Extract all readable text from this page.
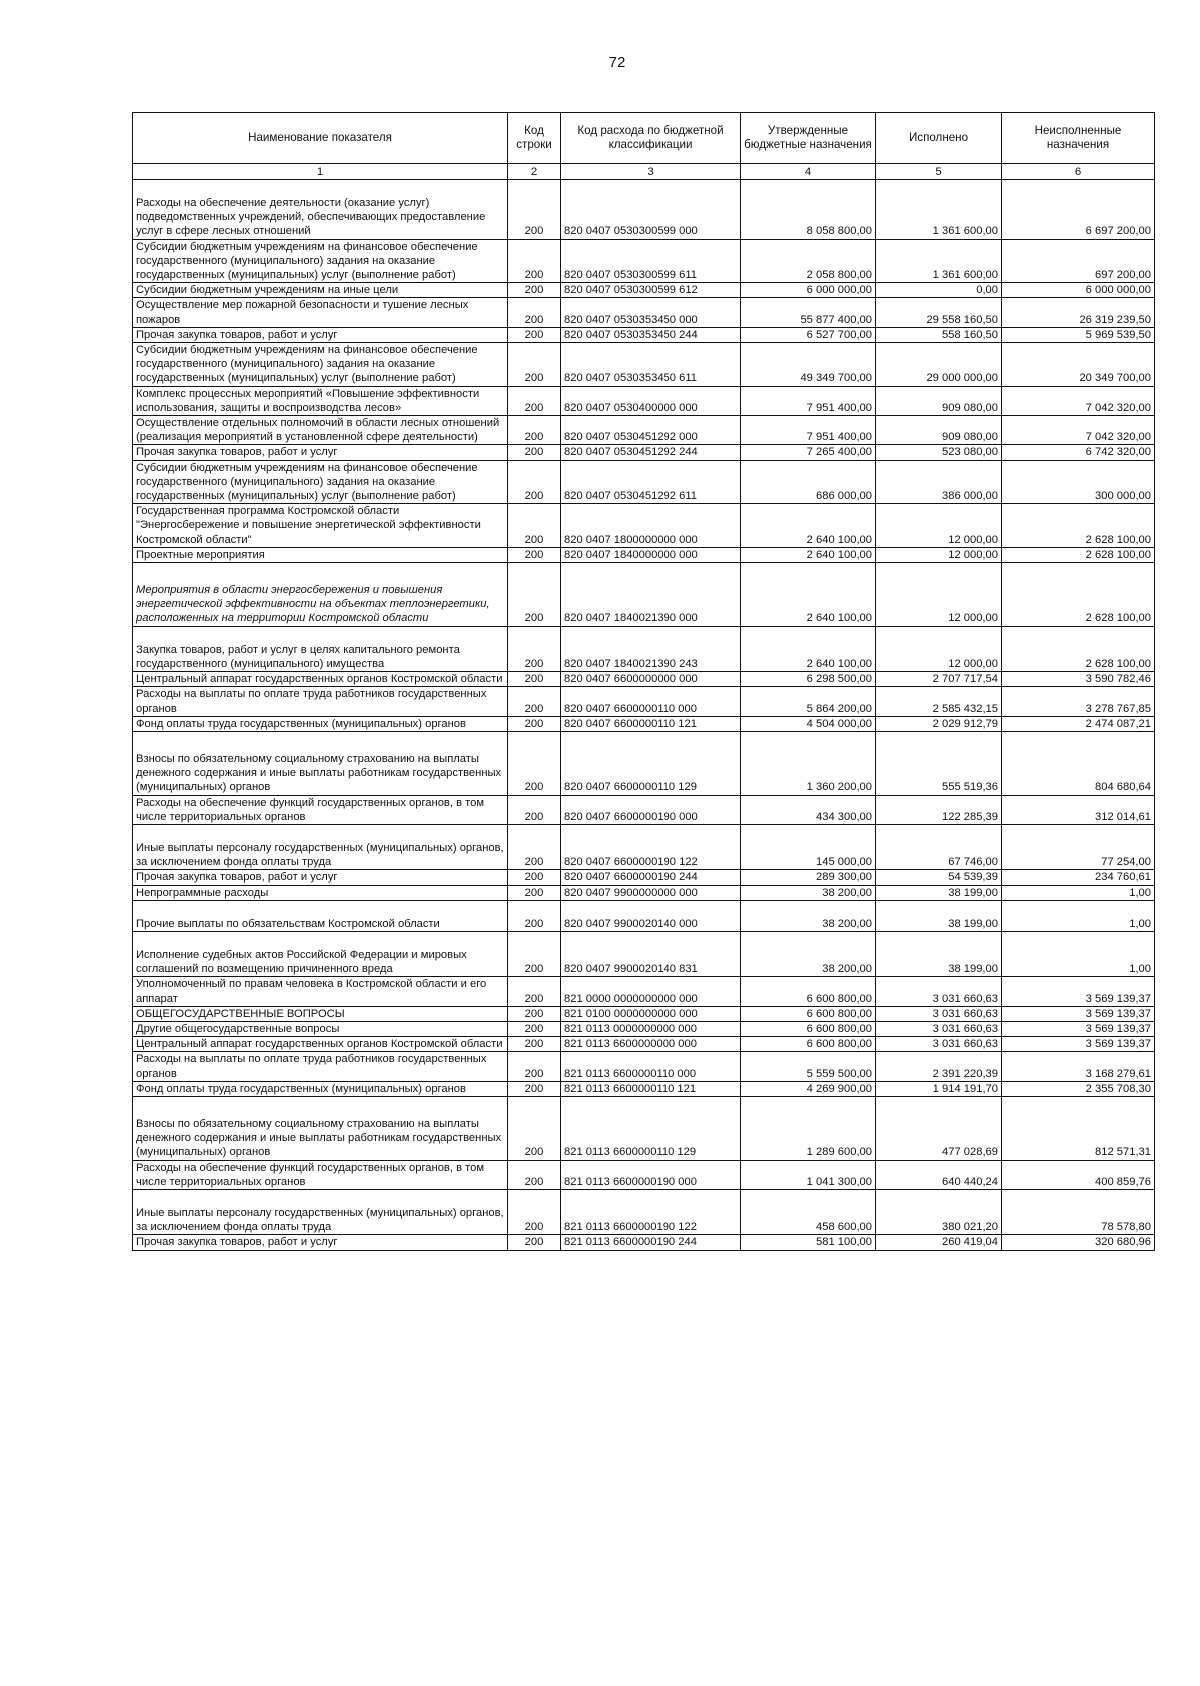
72
Наименование показателя	Код строки	Код расхода по бюджетной классификации	Утвержденные бюджетные назначения	Исполнено	Неисполненные назначения
1	2	3	4	5	6
Расходы на обеспечение деятельности (оказание услуг) подведомственных учреждений, обеспечивающих предоставление услуг в сфере лесных отношений	200	820 0407 0530300599 000	8 058 800,00	1 361 600,00	6 697 200,00
Субсидии бюджетным учреждениям на финансовое обеспечение государственного (муниципального) задания на оказание государственных (муниципальных) услуг (выполнение работ)	200	820 0407 0530300599 611	2 058 800,00	1 361 600,00	697 200,00
Субсидии бюджетным учреждениям на иные цели	200	820 0407 0530300599 612	6 000 000,00	0,00	6 000 000,00
Осуществление мер пожарной безопасности и тушение лесных пожаров	200	820 0407 0530353450 000	55 877 400,00	29 558 160,50	26 319 239,50
Прочая закупка товаров, работ и услуг	200	820 0407 0530353450 244	6 527 700,00	558 160,50	5 969 539,50
Субсидии бюджетным учреждениям на финансовое обеспечение государственного (муниципального) задания на оказание государственных (муниципальных) услуг (выполнение работ)	200	820 0407 0530353450 611	49 349 700,00	29 000 000,00	20 349 700,00
Комплекс процессных мероприятий «Повышение эффективности использования, защиты и воспроизводства лесов»	200	820 0407 0530400000 000	7 951 400,00	909 080,00	7 042 320,00
Осуществление отдельных полномочий в области лесных отношений (реализация мероприятий в установленной сфере деятельности)	200	820 0407 0530451292 000	7 951 400,00	909 080,00	7 042 320,00
Прочая закупка товаров, работ и услуг	200	820 0407 0530451292 244	7 265 400,00	523 080,00	6 742 320,00
Субсидии бюджетным учреждениям на финансовое обеспечение государственного (муниципального) задания на оказание государственных (муниципальных) услуг (выполнение работ)	200	820 0407 0530451292 611	686 000,00	386 000,00	300 000,00
Государственная программа Костромской области "Энергосбережение и повышение энергетической эффективности Костромской области"	200	820 0407 1800000000 000	2 640 100,00	12 000,00	2 628 100,00
Проектные мероприятия	200	820 0407 1840000000 000	2 640 100,00	12 000,00	2 628 100,00
Мероприятия в области энергосбережения и повышения энергетической эффективности на объектах теплоэнергетики, расположенных на территории Костромской области	200	820 0407 1840021390 000	2 640 100,00	12 000,00	2 628 100,00
Закупка товаров, работ и услуг в целях капитального ремонта государственного (муниципального) имущества	200	820 0407 1840021390 243	2 640 100,00	12 000,00	2 628 100,00
Центральный аппарат государственных органов Костромской области	200	820 0407 6600000000 000	6 298 500,00	2 707 717,54	3 590 782,46
Расходы на выплаты по оплате труда работников государственных органов	200	820 0407 6600000110 000	5 864 200,00	2 585 432,15	3 278 767,85
Фонд оплаты труда государственных (муниципальных) органов	200	820 0407 6600000110 121	4 504 000,00	2 029 912,79	2 474 087,21
Взносы по обязательному социальному страхованию на выплаты денежного содержания и иные выплаты работникам государственных (муниципальных) органов	200	820 0407 6600000110 129	1 360 200,00	555 519,36	804 680,64
Расходы на обеспечение функций государственных органов, в том числе территориальных органов	200	820 0407 6600000190 000	434 300,00	122 285,39	312 014,61
Иные выплаты персоналу государственных (муниципальных) органов, за исключением фонда оплаты труда	200	820 0407 6600000190 122	145 000,00	67 746,00	77 254,00
Прочая закупка товаров, работ и услуг	200	820 0407 6600000190 244	289 300,00	54 539,39	234 760,61
Непрограммные расходы	200	820 0407 9900000000 000	38 200,00	38 199,00	1,00
Прочие выплаты по обязательствам Костромской области	200	820 0407 9900020140 000	38 200,00	38 199,00	1,00
Исполнение судебных актов Российской Федерации и мировых соглашений по возмещению причиненного вреда	200	820 0407 9900020140 831	38 200,00	38 199,00	1,00
Уполномоченный по правам человека в Костромской области и его аппарат	200	821 0000 0000000000 000	6 600 800,00	3 031 660,63	3 569 139,37
ОБЩЕГОСУДАРСТВЕННЫЕ ВОПРОСЫ	200	821 0100 0000000000 000	6 600 800,00	3 031 660,63	3 569 139,37
Другие общегосударственные вопросы	200	821 0113 0000000000 000	6 600 800,00	3 031 660,63	3 569 139,37
Центральный аппарат государственных органов Костромской области	200	821 0113 6600000000 000	6 600 800,00	3 031 660,63	3 569 139,37
Расходы на выплаты по оплате труда работников государственных органов	200	821 0113 6600000110 000	5 559 500,00	2 391 220,39	3 168 279,61
Фонд оплаты труда государственных (муниципальных) органов	200	821 0113 6600000110 121	4 269 900,00	1 914 191,70	2 355 708,30
Взносы по обязательному социальному страхованию на выплаты денежного содержания и иные выплаты работникам государственных (муниципальных) органов	200	821 0113 6600000110 129	1 289 600,00	477 028,69	812 571,31
Расходы на обеспечение функций государственных органов, в том числе территориальных органов	200	821 0113 6600000190 000	1 041 300,00	640 440,24	400 859,76
Иные выплаты персоналу государственных (муниципальных) органов, за исключением фонда оплаты труда	200	821 0113 6600000190 122	458 600,00	380 021,20	78 578,80
Прочая закупка товаров, работ и услуг	200	821 0113 6600000190 244	581 100,00	260 419,04	320 680,96
